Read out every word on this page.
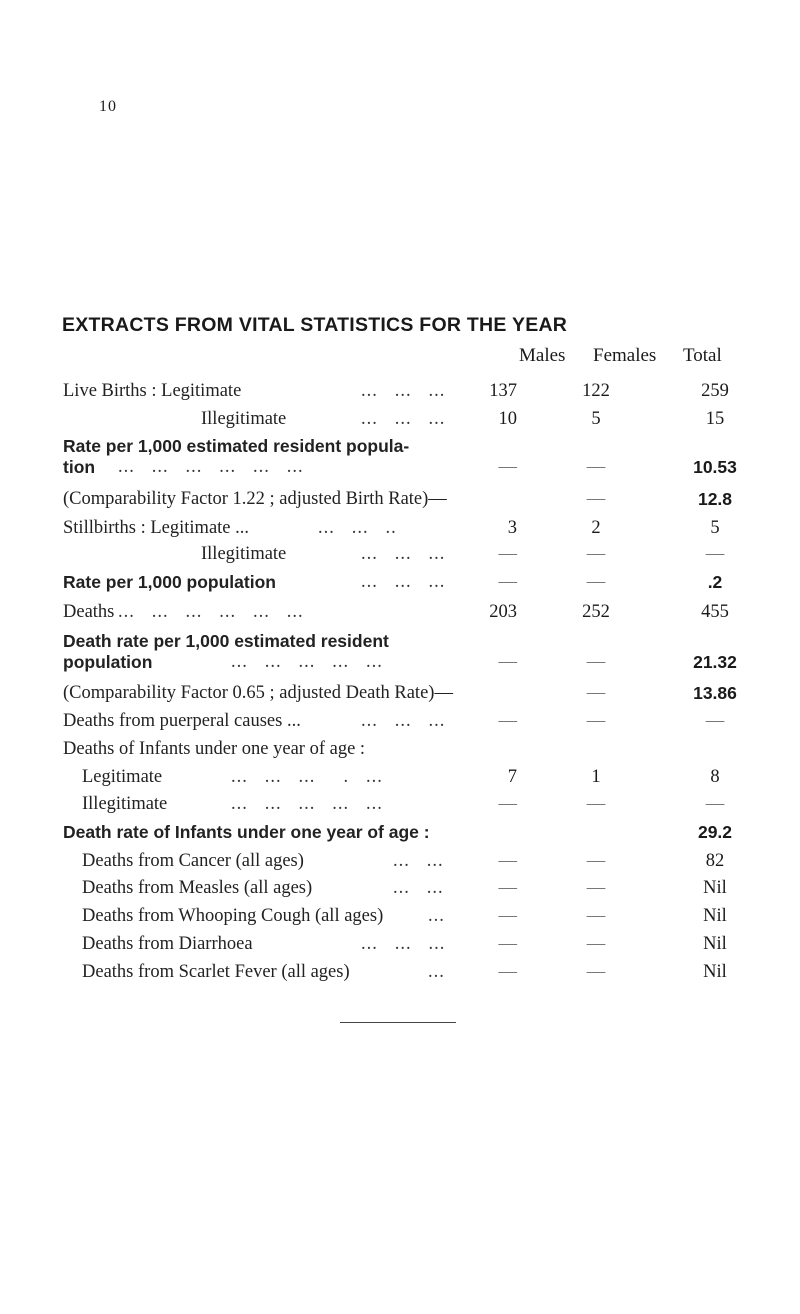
10
EXTRACTS FROM VITAL STATISTICS FOR THE YEAR
Males Females Total
Live Births : Legitimate	...   ...   ...	137	122	259
Illegitimate	...   ...   ...	10	5	15
Rate per 1,000 estimated resident popula-
tion ...   ...   ...   ...   ...   ...	—	—	10.53
(Comparability Factor 1.22 ; adjusted Birth Rate)—	—	12.8
Stillbirths : Legitimate ...	...   ...   ..	3	2	5
Illegitimate	...   ...   ...	—	—	—
Rate per 1,000 population	...   ...   ...	—	—	.2
Deaths ...   ...   ...   ...   ...   ...	203	252	455
Death rate per 1,000 estimated resident
population	...   ...   ...   ...   ...	—	—	21.32
(Comparability Factor 0.65 ; adjusted Death Rate)—	—	13.86
Deaths from puerperal causes ...	...   ...   ...	—	—	—
Deaths of Infants under one year of age :
Legitimate	...   ...   ...     .   ...	7	1	8
Illegitimate	...   ...   ...   ...   ...	—	—	—
Death rate of Infants under one year of age :	29.2
Deaths from Cancer (all ages)	...   ...	—	—	82
Deaths from Measles (all ages)	...   ...	—	—	Nil
Deaths from Whooping Cough (all ages) ...	—	—	Nil
Deaths from Diarrhoea	...   ...   ...	—	—	Nil
Deaths from Scarlet Fever (all ages)	...	—	—	Nil
